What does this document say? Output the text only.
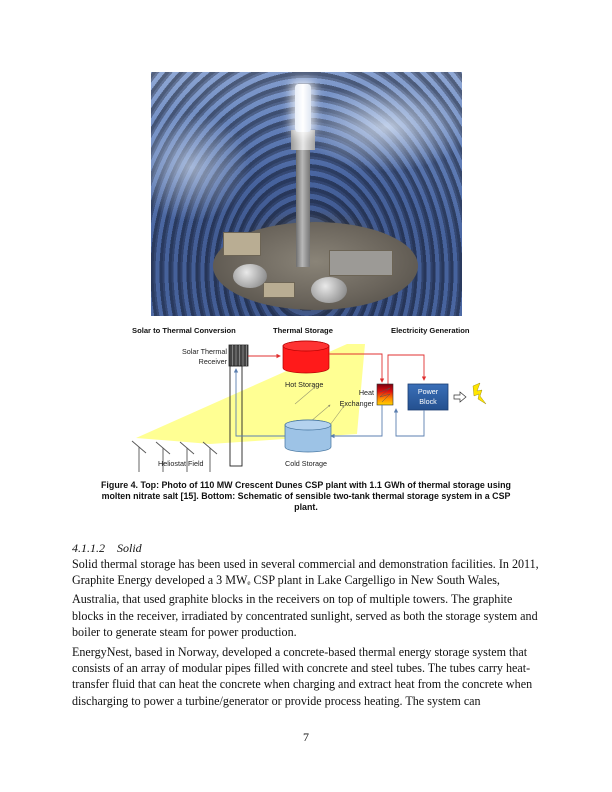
Solar to Thermal Conversion	Thermal Storage	Electricity Generation
Solar Thermal
Receiver
Hot Storage
Heat
Exchanger
Power
Block
Heliostat Field	Cold Storage
Figure 4. Top: Photo of 110 MW Crescent Dunes CSP plant with 1.1 GWh of thermal storage using
molten nitrate salt [15]. Bottom: Schematic of sensible two-tank thermal storage system in a CSP
plant.
4.1.1.2 Solid
Solid thermal storage has been used in several commercial and demonstration facilities. In 2011,
Graphite Energy developed a 3 $MW_e$ CSP plant in Lake Cargelligo in New South Wales,
Australia, that used graphite blocks in the receivers on top of multiple towers. The graphite
blocks in the receiver, irradiated by concentrated sunlight, served as both the storage system and
boiler to generate steam for power production.
EnergyNest, based in Norway, developed a concrete-based thermal energy storage system that
consists of an array of modular pipes filled with concrete and steel tubes. The tubes carry heat-
transfer fluid that can heat the concrete when charging and extract heat from the concrete when
discharging to power a turbine/generator or provide process heating. The system can
7
